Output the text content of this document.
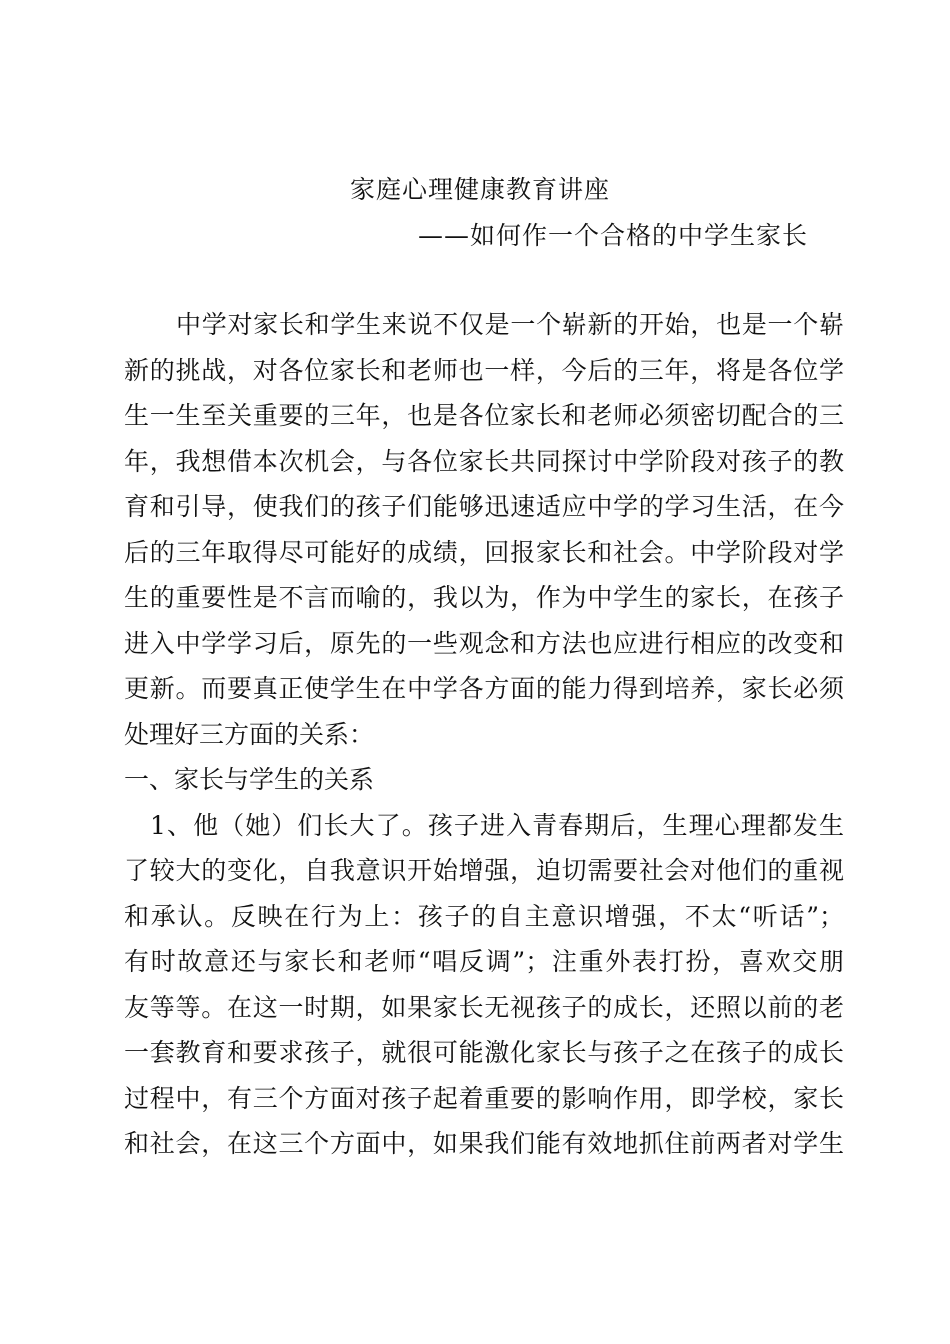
家庭心理健康教育讲座
——如何作一个合格的中学生家长
中学对家长和学生来说不仅是一个崭新的开始，也是一个崭
新的挑战，对各位家长和老师也一样，今后的三年，将是各位学
生一生至关重要的三年，也是各位家长和老师必须密切配合的三
年，我想借本次机会，与各位家长共同探讨中学阶段对孩子的教
育和引导，使我们的孩子们能够迅速适应中学的学习生活，在今
后的三年取得尽可能好的成绩，回报家长和社会。中学阶段对学
生的重要性是不言而喻的，我以为，作为中学生的家长，在孩子
进入中学学习后，原先的一些观念和方法也应进行相应的改变和
更新。而要真正使学生在中学各方面的能力得到培养，家长必须
处理好三方面的关系：
一、家长与学生的关系
1、他（她）们长大了。孩子进入青春期后，生理心理都发生
了较大的变化，自我意识开始增强，迫切需要社会对他们的重视
和承认。反映在行为上：孩子的自主意识增强，不太“听话”；
有时故意还与家长和老师“唱反调”；注重外表打扮，喜欢交朋
友等等。在这一时期，如果家长无视孩子的成长，还照以前的老
一套教育和要求孩子，就很可能激化家长与孩子之在孩子的成长
过程中，有三个方面对孩子起着重要的影响作用，即学校，家长
和社会，在这三个方面中，如果我们能有效地抓住前两者对学生
